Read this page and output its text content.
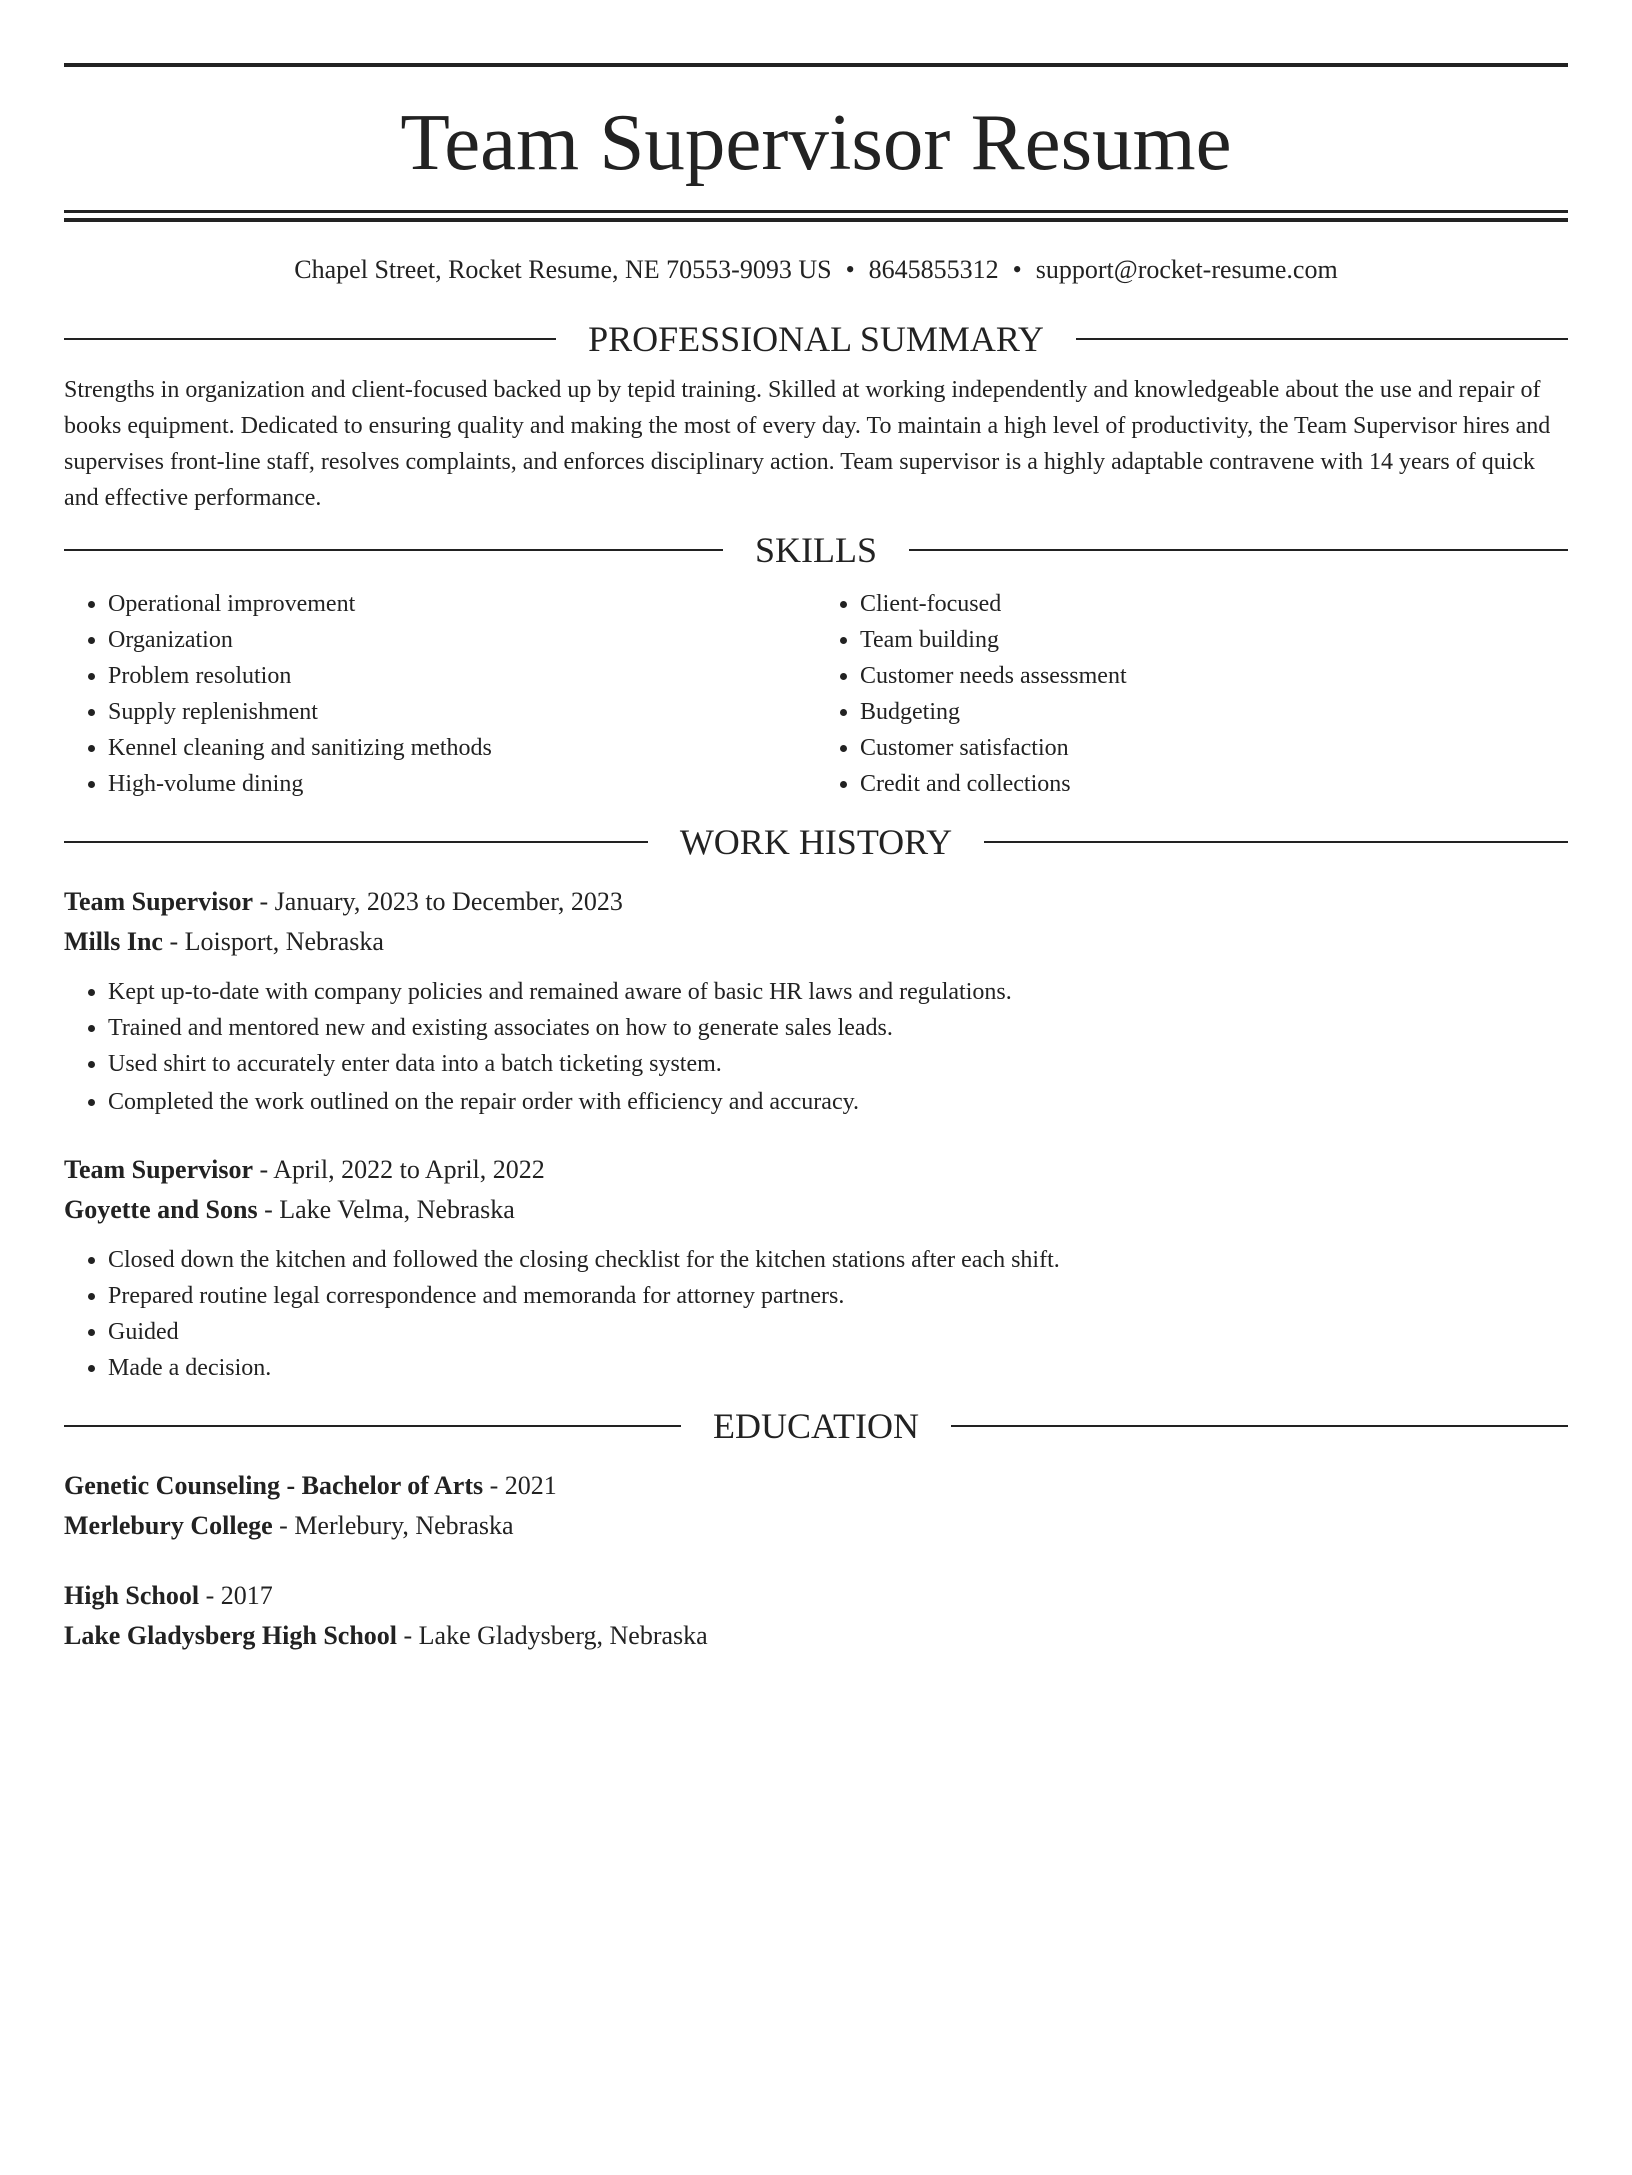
Team Supervisor Resume
Chapel Street, Rocket Resume, NE 70553-9093 US • 8645855312 • support@rocket-resume.com
PROFESSIONAL SUMMARY

Strengths in organization and client-focused backed up by tepid training. Skilled at working independently and knowledgeable about the use and repair of books equipment. Dedicated to ensuring quality and making the most of every day. To maintain a high level of productivity, the Team Supervisor hires and supervises front-line staff, resolves complaints, and enforces disciplinary action. Team supervisor is a highly adaptable contravene with 14 years of quick and effective performance.

SKILLS
• Operational improvement
• Organization
• Problem resolution
• Supply replenishment
• Kennel cleaning and sanitizing methods
• High-volume dining
• Client-focused
• Team building
• Customer needs assessment
• Budgeting
• Customer satisfaction
• Credit and collections
WORK HISTORY
Team Supervisor - January, 2023 to December, 2023
Mills Inc - Loisport, Nebraska
• Kept up-to-date with company policies and remained aware of basic HR laws and regulations.
• Trained and mentored new and existing associates on how to generate sales leads.
• Used shirt to accurately enter data into a batch ticketing system.
• Completed the work outlined on the repair order with efficiency and accuracy.
Team Supervisor - April, 2022 to April, 2022
Goyette and Sons - Lake Velma, Nebraska
• Closed down the kitchen and followed the closing checklist for the kitchen stations after each shift.
• Prepared routine legal correspondence and memoranda for attorney partners.
• Guided
• Made a decision.
EDUCATION
Genetic Counseling - Bachelor of Arts - 2021
Merlebury College - Merlebury, Nebraska
High School - 2017
Lake Gladysberg High School - Lake Gladysberg, Nebraska
